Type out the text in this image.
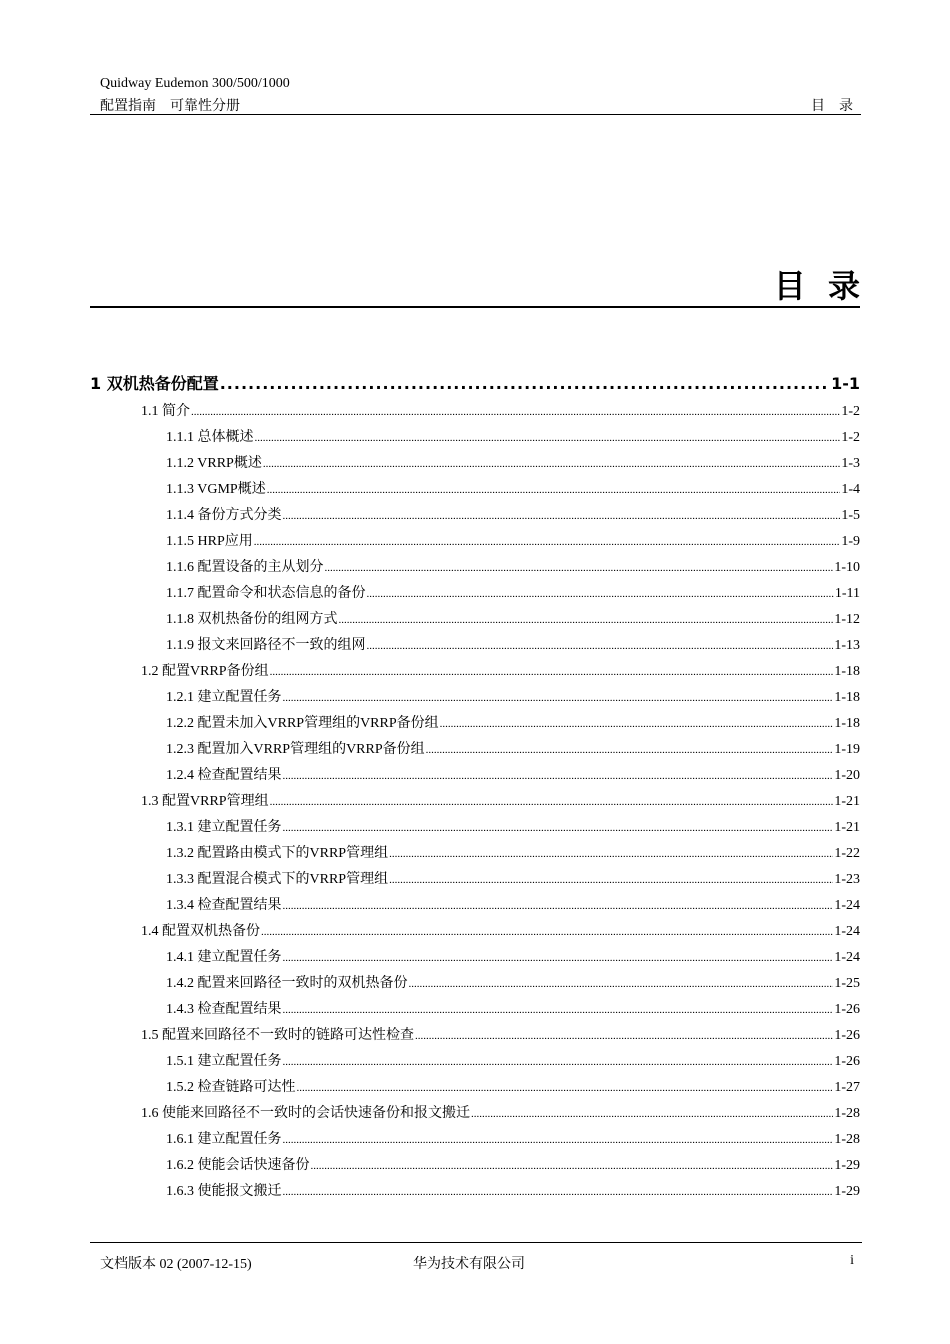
Quidway Eudemon 300/500/1000
配置指南    可靠性分册	目    录
目  录
1 双机热备份配置 .....	1-1
1.1 简介 .....	1-2
1.1.1 总体概述 .....	1-2
1.1.2 VRRP概述 .....	1-3
1.1.3 VGMP概述 .....	1-4
1.1.4 备份方式分类 .....	1-5
1.1.5 HRP应用 .....	1-9
1.1.6 配置设备的主从划分 .....	1-10
1.1.7 配置命令和状态信息的备份 .....	1-11
1.1.8 双机热备份的组网方式 .....	1-12
1.1.9 报文来回路径不一致的组网 .....	1-13
1.2 配置VRRP备份组 .....	1-18
1.2.1 建立配置任务 .....	1-18
1.2.2 配置未加入VRRP管理组的VRRP备份组 .....	1-18
1.2.3 配置加入VRRP管理组的VRRP备份组 .....	1-19
1.2.4 检查配置结果 .....	1-20
1.3 配置VRRP管理组 .....	1-21
1.3.1 建立配置任务 .....	1-21
1.3.2 配置路由模式下的VRRP管理组 .....	1-22
1.3.3 配置混合模式下的VRRP管理组 .....	1-23
1.3.4 检查配置结果 .....	1-24
1.4 配置双机热备份 .....	1-24
1.4.1 建立配置任务 .....	1-24
1.4.2 配置来回路径一致时的双机热备份 .....	1-25
1.4.3 检查配置结果 .....	1-26
1.5 配置来回路径不一致时的链路可达性检查 .....	1-26
1.5.1 建立配置任务 .....	1-26
1.5.2 检查链路可达性 .....	1-27
1.6 使能来回路径不一致时的会话快速备份和报文搬迁 .....	1-28
1.6.1 建立配置任务 .....	1-28
1.6.2 使能会话快速备份 .....	1-29
1.6.3 使能报文搬迁 .....	1-29
文档版本 02 (2007-12-15)	华为技术有限公司	i
